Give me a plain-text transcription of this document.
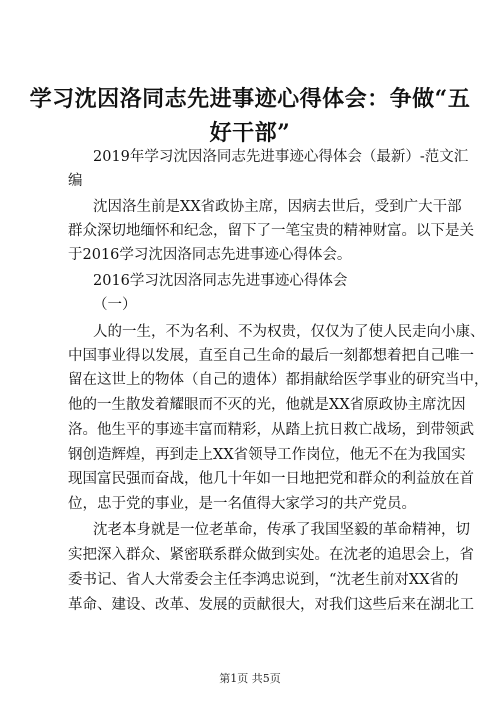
学习沈因洛同志先进事迹心得体会：争做“五
好干部”
2019年学习沈因洛同志先进事迹心得体会（最新）-范文汇
编
沈因洛生前是XX省政协主席，因病去世后，受到广大干部
群众深切地缅怀和纪念，留下了一笔宝贵的精神财富。以下是关
于2016学习沈因洛同志先进事迹心得体会。
2016学习沈因洛同志先进事迹心得体会
（一）
人的一生，不为名利、不为权贵，仅仅为了使人民走向小康、
中国事业得以发展，直至自己生命的最后一刻都想着把自己唯一
留在这世上的物体（自己的遗体）都捐献给医学事业的研究当中，
他的一生散发着耀眼而不灭的光，他就是XX省原政协主席沈因
洛。他生平的事迹丰富而精彩，从踏上抗日救亡战场，到带领武
钢创造辉煌，再到走上XX省领导工作岗位，他无不在为我国实
现国富民强而奋战，他几十年如一日地把党和群众的利益放在首
位，忠于党的事业，是一名值得大家学习的共产党员。
沈老本身就是一位老革命，传承了我国坚毅的革命精神，切
实把深入群众、紧密联系群众做到实处。在沈老的追思会上，省
委书记、省人大常委会主任李鸿忠说到，“沈老生前对XX省的
革命、建设、改革、发展的贡献很大，对我们这些后来在湖北工
第1页 共5页
